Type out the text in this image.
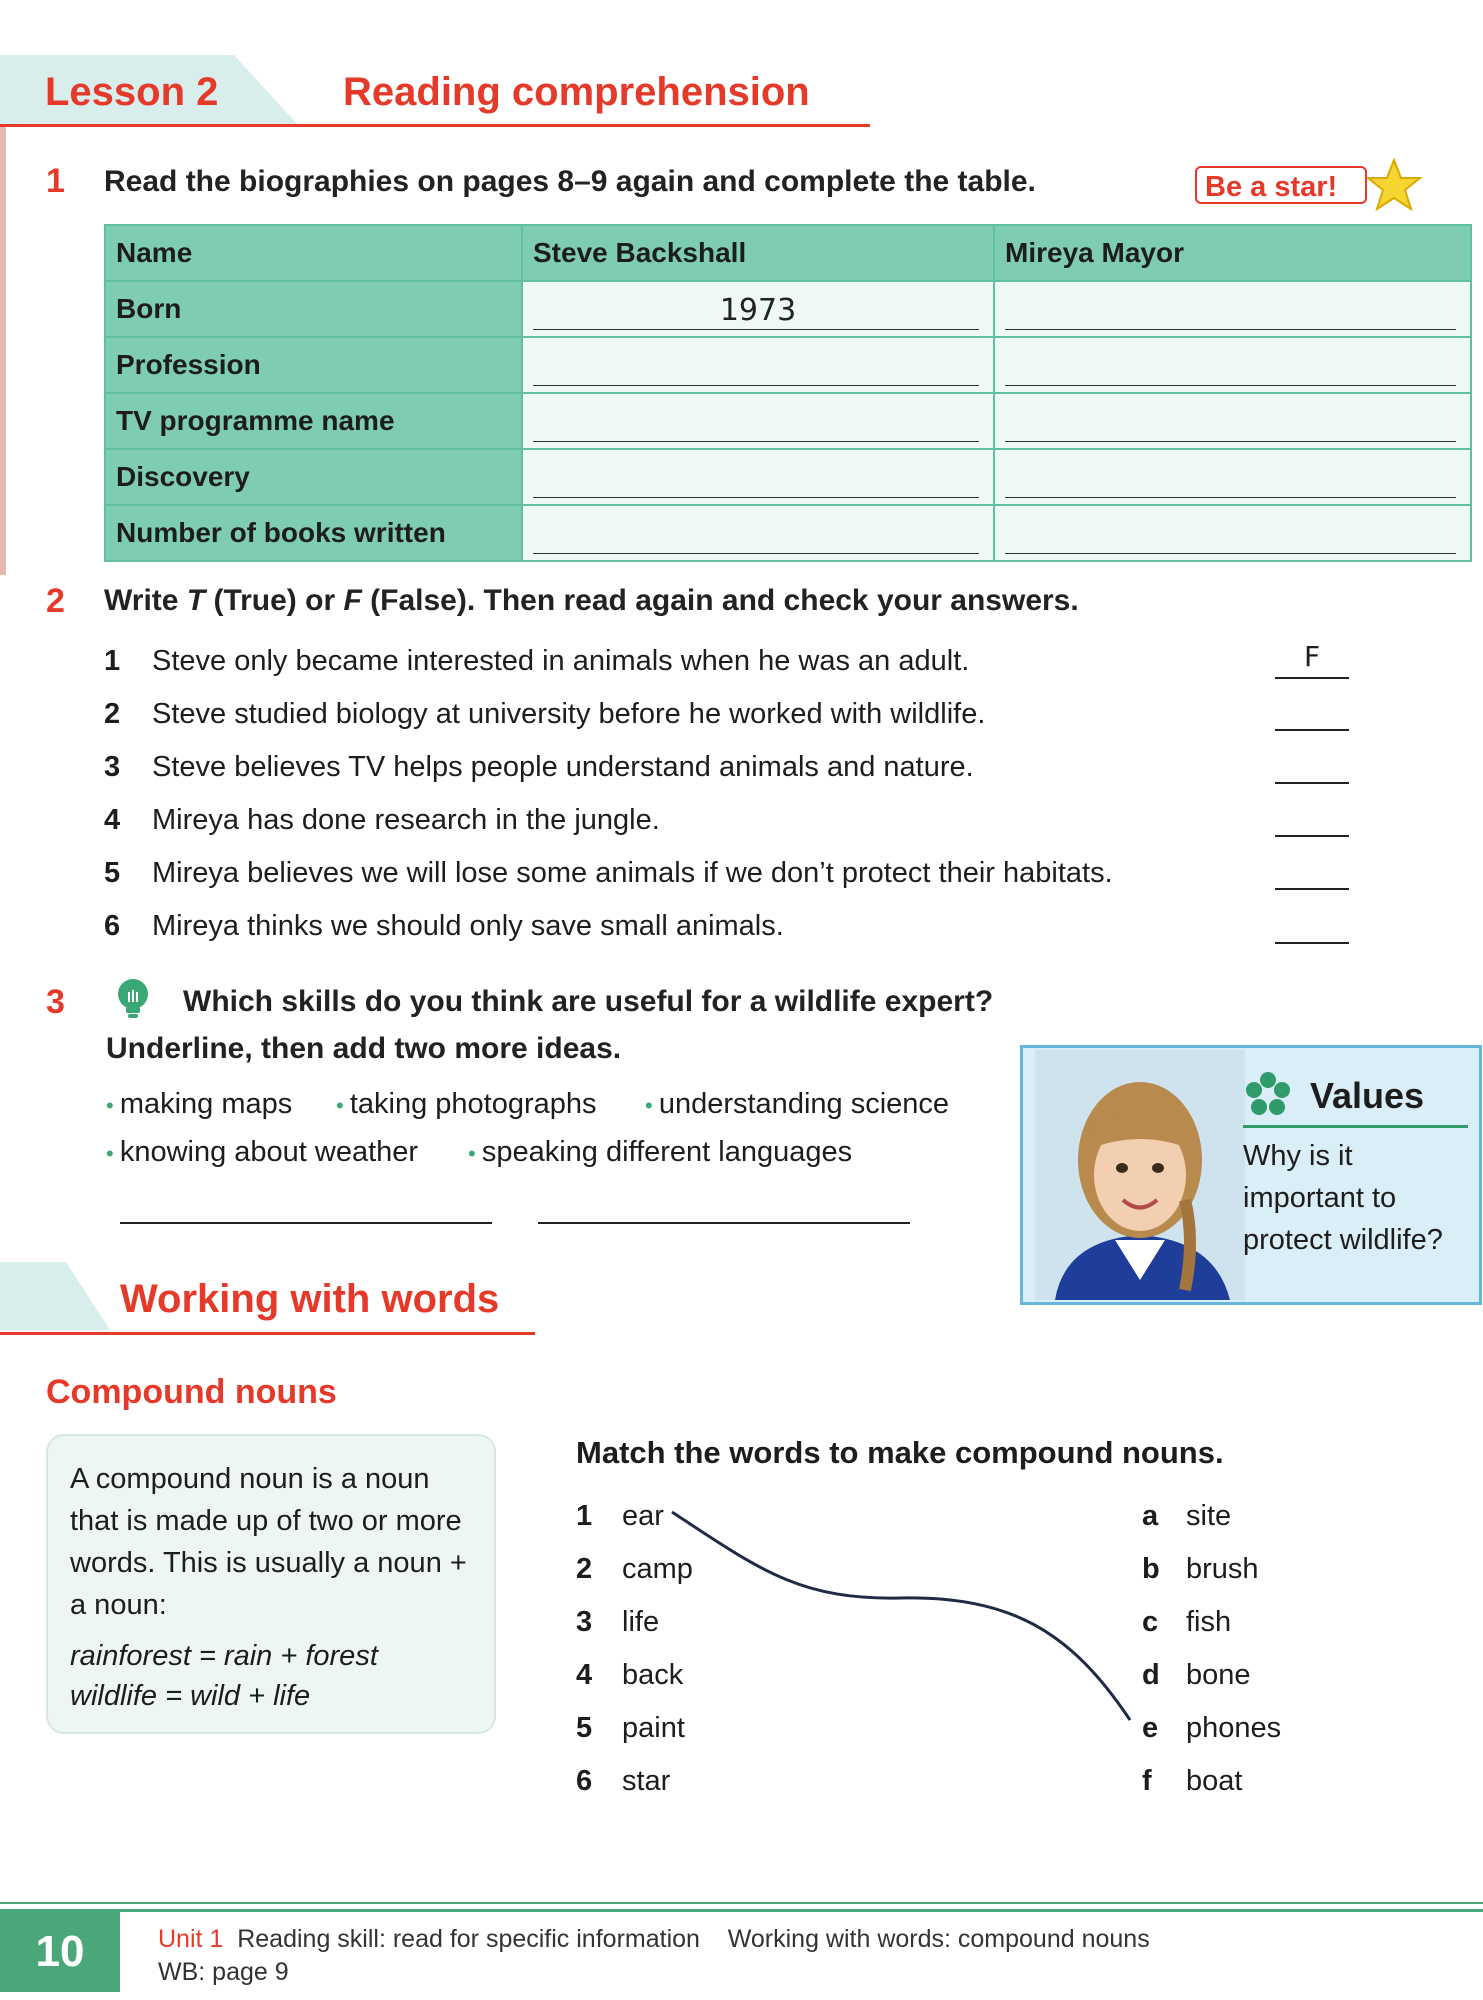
Lesson 2	Reading comprehension
1 Read the biographies on pages 8–9 again and complete the table.	Be a star!
Name	Steve Backshall	Mireya Mayor
Born	1973	

Profession	

TV programme name	

Discovery	

Number of books written	

2 Write T (True) or F (False). Then read again and check your answers.
1 Steve only became interested in animals when he was an adult.	F
2 Steve studied biology at university before he worked with wildlife.
3 Steve believes TV helps people understand animals and nature.
4 Mireya has done research in the jungle.
5 Mireya believes we will lose some animals if we don’t protect their habitats.
6 Mireya thinks we should only save small animals.
3	Which skills do you think are useful for a wildlife expert?
Underline, then add two more ideas.
• making maps • taking photographs • understanding science
• knowing about weather • speaking different languages
Values
Why is it important to protect wildlife?
Working with words
Compound nouns
A compound noun is a noun that is made up of two or more words. This is usually a noun + a noun:
rainforest = rain + forest
wildlife = wild + life
Match the words to make compound nouns.
1 ear
2 camp
3 life
4 back
5 paint
6 star
a site
b brush
c fish
d bone
e phones
f boat
10	Unit 1 Reading skill: read for specific information Working with words: compound nouns
WB: page 9
